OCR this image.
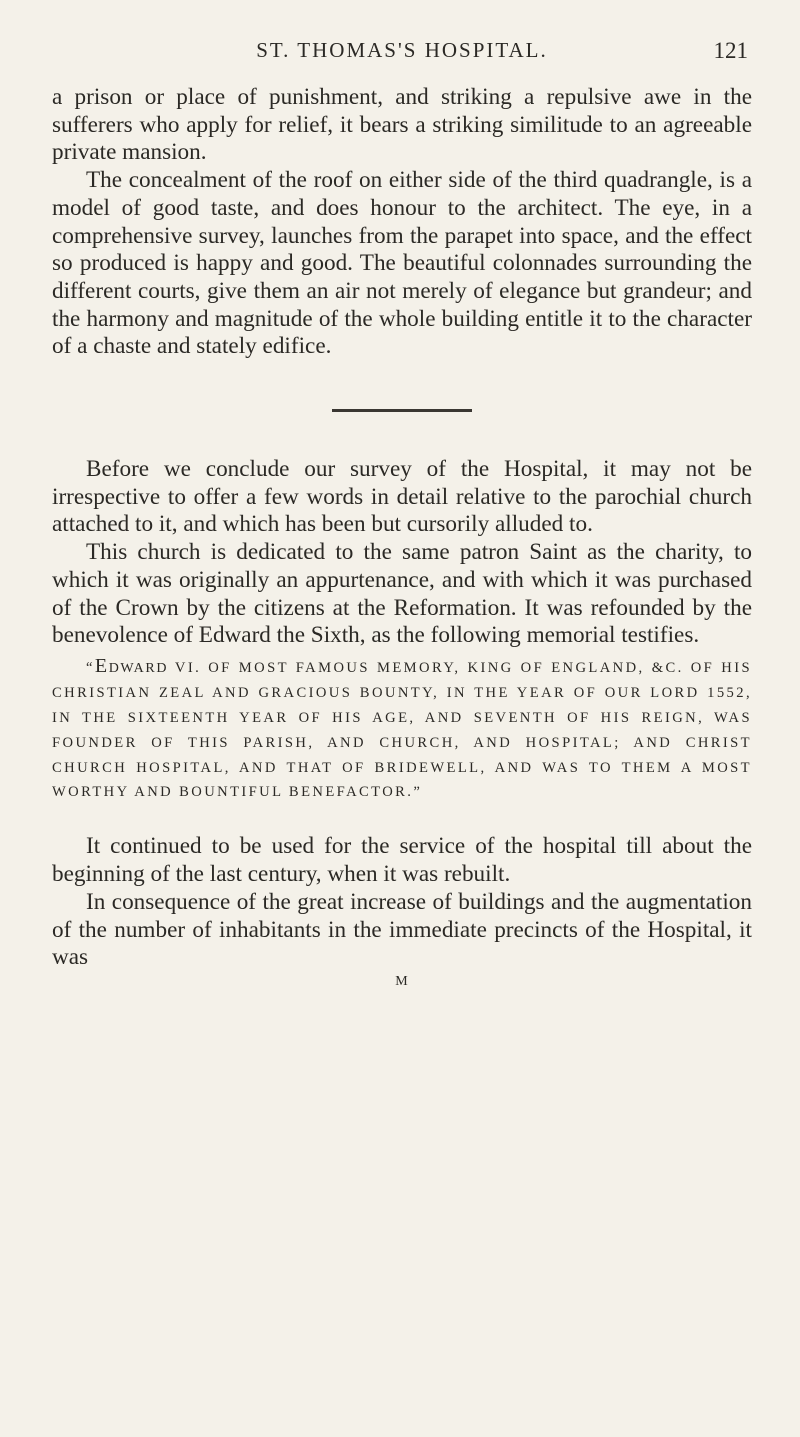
ST. THOMAS'S HOSPITAL.	121

a prison or place of punishment, and striking a repulsive awe in the sufferers who apply for relief, it bears a striking similitude to an agreeable private mansion.

The concealment of the roof on either side of the third quadrangle, is a model of good taste, and does honour to the architect. The eye, in a comprehensive survey, launches from the parapet into space, and the effect so produced is happy and good. The beautiful colonnades surrounding the different courts, give them an air not merely of elegance but grandeur; and the harmony and magnitude of the whole building entitle it to the character of a chaste and stately edifice.

Before we conclude our survey of the Hospital, it may not be irrespective to offer a few words in detail relative to the parochial church attached to it, and which has been but cursorily alluded to.

This church is dedicated to the same patron Saint as the charity, to which it was originally an appurtenance, and with which it was purchased of the Crown by the citizens at the Reformation. It was refounded by the benevolence of Edward the Sixth, as the following memorial testifies.

“Edward VI. OF MOST FAMOUS MEMORY, KING OF ENGLAND, &C. OF HIS CHRISTIAN ZEAL AND GRACIOUS BOUNTY, IN THE YEAR OF OUR LORD 1552, IN THE SIXTEENTH YEAR OF HIS AGE, AND SEVENTH OF HIS REIGN, WAS FOUNDER OF THIS PARISH, AND CHURCH, AND HOSPITAL; AND CHRIST CHURCH HOSPITAL, AND THAT OF BRIDEWELL, AND WAS TO THEM A MOST WORTHY AND BOUNTIFUL BENEFACTOR.”

It continued to be used for the service of the hospital till about the beginning of the last century, when it was rebuilt.

In consequence of the great increase of buildings and the augmentation of the number of inhabitants in the immediate precincts of the Hospital, it was

M
